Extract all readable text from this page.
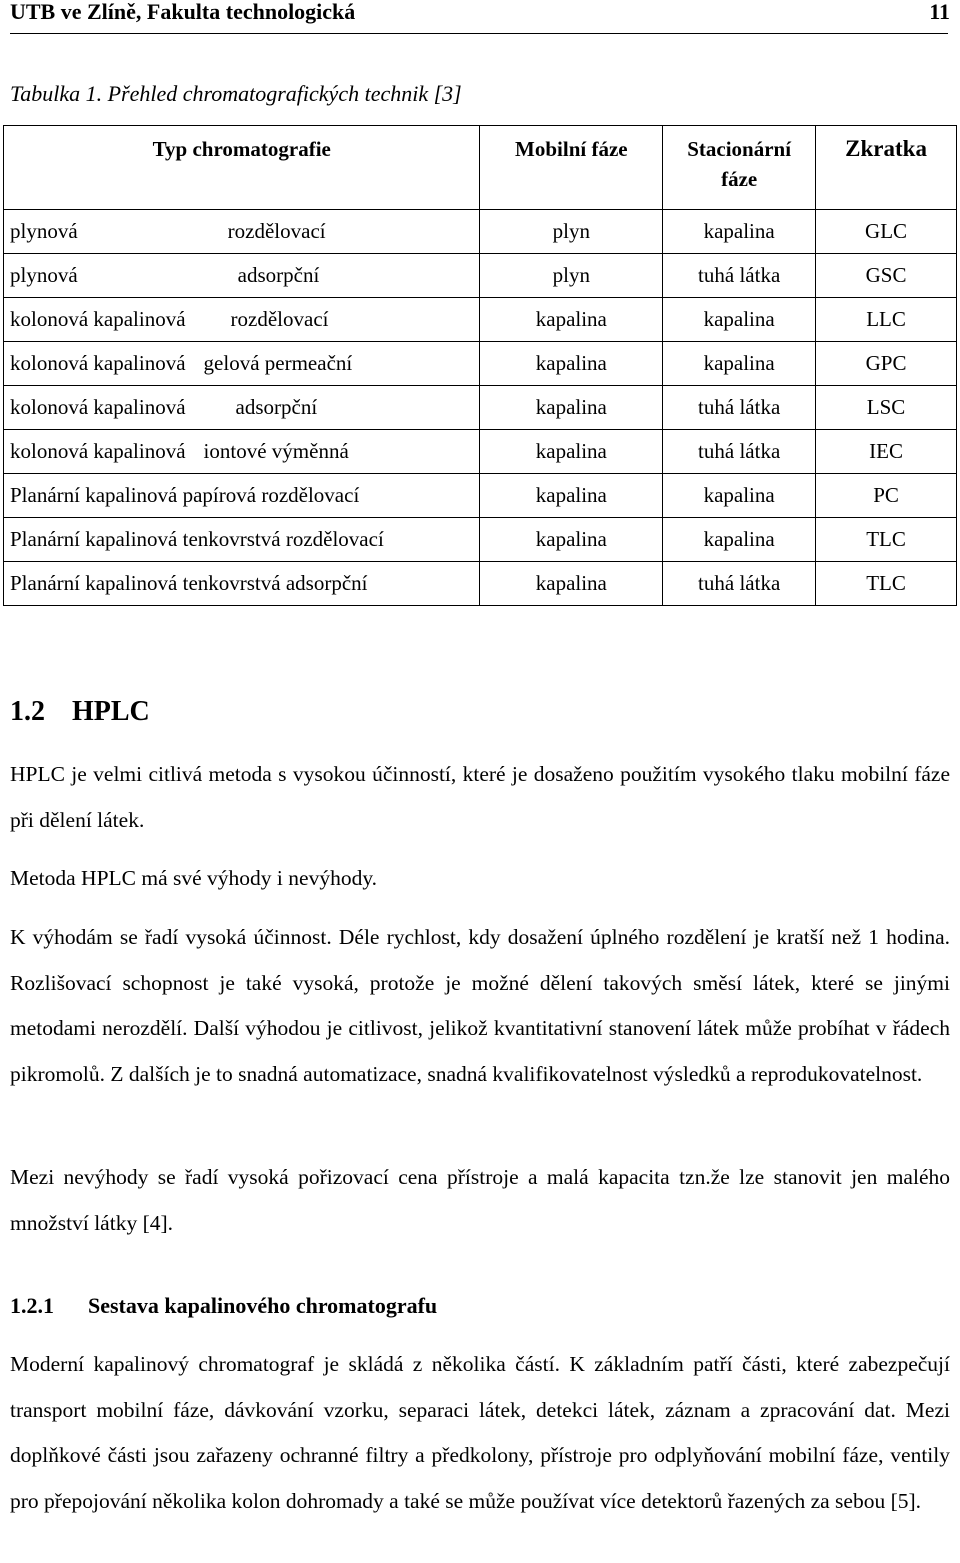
UTB ve Zlíně, Fakulta technologická	11
Tabulka 1. Přehled chromatografických technik [3]
Typ chromatografie	Mobilní fáze	Stacionární fáze	Zkratka
plynová rozdělovací	plyn	kapalina	GLC
plynová adsorpční	plyn	tuhá látka	GSC
kolonová kapalinová rozdělovací	kapalina	kapalina	LLC
kolonová kapalinová gelová permeační	kapalina	kapalina	GPC
kolonová kapalinová adsorpční	kapalina	tuhá látka	LSC
kolonová kapalinová iontové výměnná	kapalina	tuhá látka	IEC
Planární kapalinová papírová rozdělovací	kapalina	kapalina	PC
Planární kapalinová tenkovrstvá rozdělovací	kapalina	kapalina	TLC
Planární kapalinová tenkovrstvá adsorpční	kapalina	tuhá látka	TLC
1.2 HPLC

HPLC je velmi citlivá metoda s vysokou účinností, které je dosaženo použitím vysokého tlaku mobilní fáze při dělení látek.

Metoda HPLC má své výhody i nevýhody.

K výhodám se řadí vysoká účinnost. Déle rychlost, kdy dosažení úplného rozdělení je kratší než 1 hodina. Rozlišovací schopnost je také vysoká, protože je možné dělení takových směsí látek, které se jinými metodami nerozdělí. Další výhodou je citlivost, jelikož kvantitativní stanovení látek může probíhat v řádech pikromolů. Z dalších je to snadná automatizace, snadná kvalifikovatelnost výsledků a reprodukovatelnost.

Mezi nevýhody se řadí vysoká pořizovací cena přístroje a malá kapacita tzn.že lze stanovit jen malého množství látky [4].

1.2.1 Sestava kapalinového chromatografu

Moderní kapalinový chromatograf je skládá z několika částí. K základním patří části, které zabezpečují transport mobilní fáze, dávkování vzorku, separaci látek, detekci látek, záznam a zpracování dat. Mezi doplňkové části jsou zařazeny ochranné filtry a předkolony, přístroje pro odplyňování mobilní fáze, ventily pro přepojování několika kolon dohromady a také se může používat více detektorů řazených za sebou [5].
